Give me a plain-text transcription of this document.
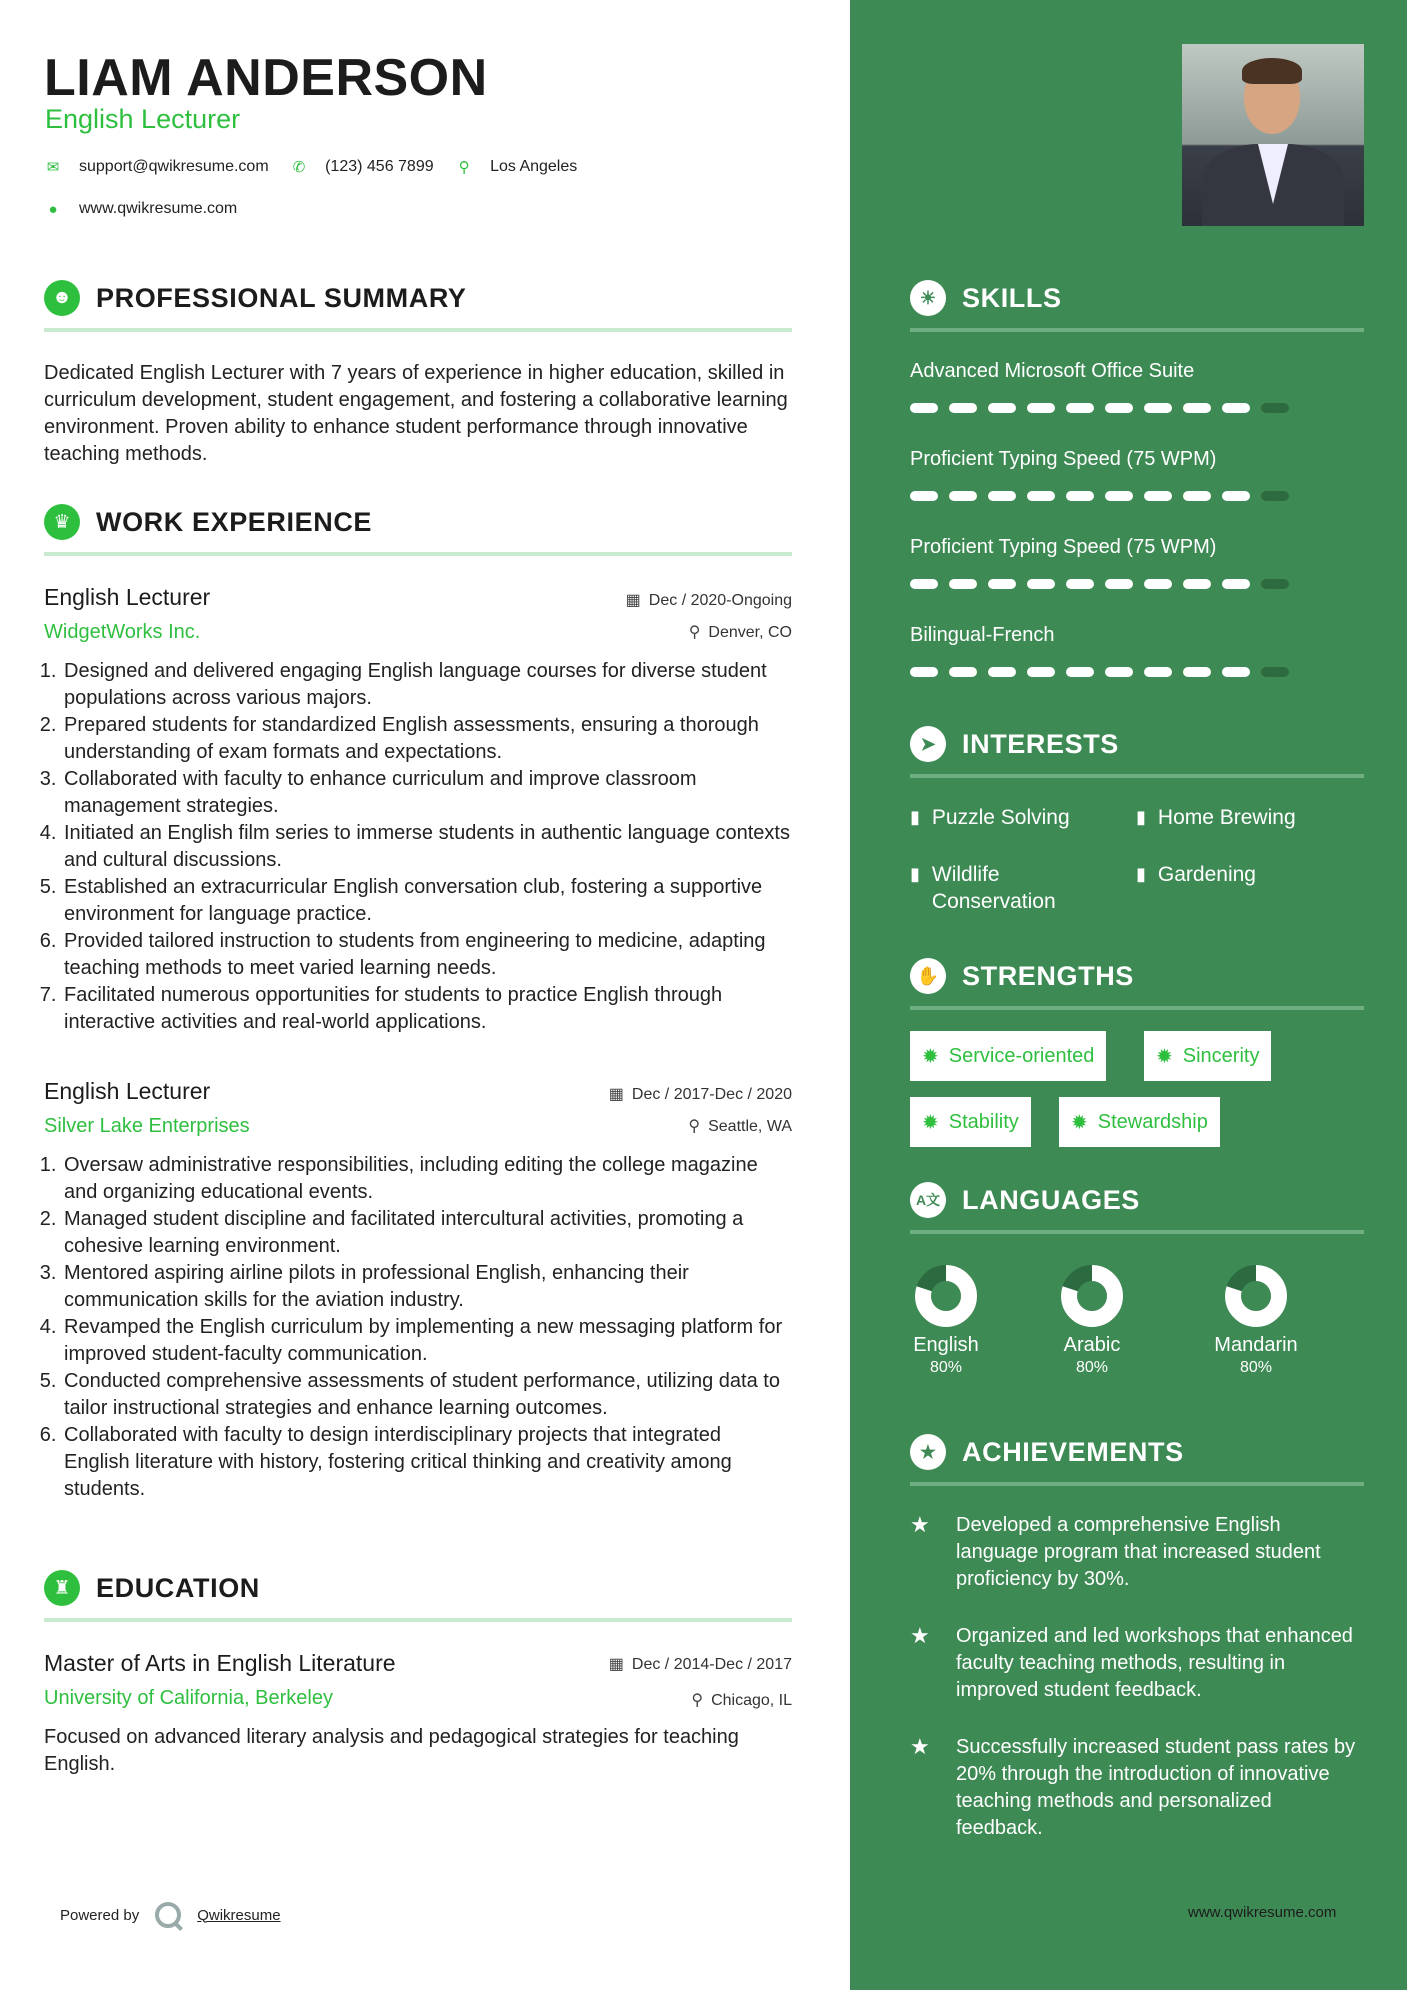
LIAM ANDERSON
English Lecturer
✉ support@qwikresume.com
✆ (123) 456 7899
⚲ Los Angeles
● www.qwikresume.com
☻ PROFESSIONAL SUMMARY
Dedicated English Lecturer with 7 years of experience in higher education, skilled in curriculum development, student engagement, and fostering a collaborative learning environment. Proven ability to enhance student performance through innovative teaching methods.
♛ WORK EXPERIENCE
English Lecturer
WidgetWorks Inc.
▦ Dec / 2020-Ongoing
⚲ Denver, CO
1. Designed and delivered engaging English language courses for diverse student populations across various majors.
2. Prepared students for standardized English assessments, ensuring a thorough understanding of exam formats and expectations.
3. Collaborated with faculty to enhance curriculum and improve classroom management strategies.
4. Initiated an English film series to immerse students in authentic language contexts and cultural discussions.
5. Established an extracurricular English conversation club, fostering a supportive environment for language practice.
6. Provided tailored instruction to students from engineering to medicine, adapting teaching methods to meet varied learning needs.
7. Facilitated numerous opportunities for students to practice English through interactive activities and real-world applications.
English Lecturer
Silver Lake Enterprises
▦ Dec / 2017-Dec / 2020
⚲ Seattle, WA
1. Oversaw administrative responsibilities, including editing the college magazine and organizing educational events.
2. Managed student discipline and facilitated intercultural activities, promoting a cohesive learning environment.
3. Mentored aspiring airline pilots in professional English, enhancing their communication skills for the aviation industry.
4. Revamped the English curriculum by implementing a new messaging platform for improved student-faculty communication.
5. Conducted comprehensive assessments of student performance, utilizing data to tailor instructional strategies and enhance learning outcomes.
6. Collaborated with faculty to design interdisciplinary projects that integrated English literature with history, fostering critical thinking and creativity among students.
♜ EDUCATION
Master of Arts in English Literature
University of California, Berkeley
▦ Dec / 2014-Dec / 2017
⚲ Chicago, IL
Focused on advanced literary analysis and pedagogical strategies for teaching English.
Powered by	Qwikresume
☀ SKILLS
Advanced Microsoft Office Suite
Proficient Typing Speed (75 WPM)
Proficient Typing Speed (75 WPM)
Bilingual-French
➤ INTERESTS
▮ Puzzle Solving	▮ Home Brewing
▮ Wildlife Conservation
▮ Gardening
✋ STRENGTHS
✹ Service-oriented	✹ Sincerity
✹ Stability	✹ Stewardship
A文 LANGUAGES
English
80%
Arabic
80%
Mandarin
80%
★ ACHIEVEMENTS
★	Developed a comprehensive English language program that increased student proficiency by 30%.
★	Organized and led workshops that enhanced faculty teaching methods, resulting in improved student feedback.
★	Successfully increased student pass rates by 20% through the introduction of innovative teaching methods and personalized feedback.
www.qwikresume.com
